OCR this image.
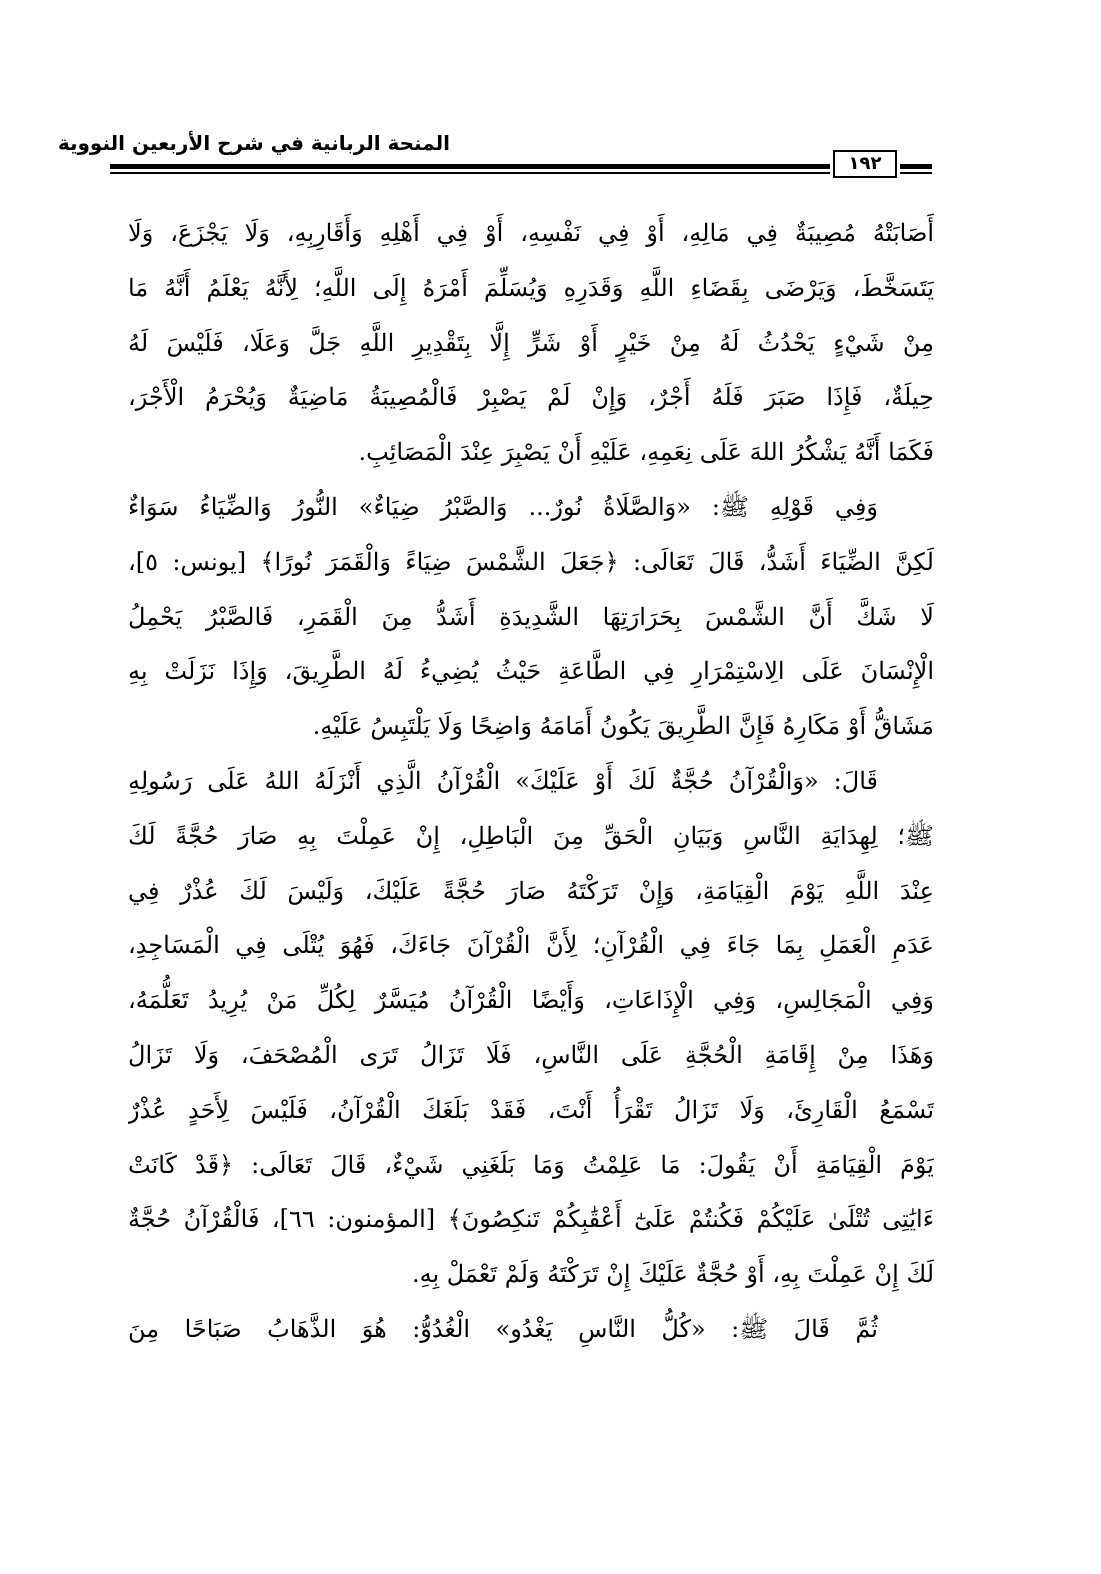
المنحة الربانية في شرح الأربعين النووية
١٩٢
أَصَابَتْهُ مُصِيبَةٌ فِي مَالِهِ، أَوْ فِي نَفْسِهِ، أَوْ فِي أَهْلِهِ وَأَقَارِبِهِ، وَلَا يَجْزَعَ، وَلَا
يَتَسَخَّطَ، وَيَرْضَى بِقَضَاءِ اللَّهِ وَقَدَرِهِ وَيُسَلِّمَ أَمْرَهُ إِلَى اللَّهِ؛ لِأَنَّهُ يَعْلَمُ أَنَّهُ مَا
مِنْ شَيْءٍ يَحْدُثُ لَهُ مِنْ خَيْرٍ أَوْ شَرٍّ إِلَّا بِتَقْدِيرِ اللَّهِ جَلَّ وَعَلَا، فَلَيْسَ لَهُ
حِيلَةٌ، فَإِذَا صَبَرَ فَلَهُ أَجْرٌ، وَإِنْ لَمْ يَصْبِرْ فَالْمُصِيبَةُ مَاضِيَةٌ وَيُحْرَمُ الْأَجْرَ،
فَكَمَا أَنَّهُ يَشْكُرُ اللهَ عَلَى نِعَمِهِ، عَلَيْهِ أَنْ يَصْبِرَ عِنْدَ الْمَصَائِبِ.
وَفِي قَوْلِهِ ﷺ: «وَالصَّلَاةُ نُورٌ... وَالصَّبْرُ ضِيَاءٌ» النُّورُ وَالضِّيَاءُ سَوَاءٌ
لَكِنَّ الضِّيَاءَ أَشَدُّ، قَالَ تَعَالَى: ﴿جَعَلَ الشَّمْسَ ضِيَاءً وَالْقَمَرَ نُورًا﴾ [يونس: ٥]،
لَا شَكَّ أَنَّ الشَّمْسَ بِحَرَارَتِهَا الشَّدِيدَةِ أَشَدُّ مِنَ الْقَمَرِ، فَالصَّبْرُ يَحْمِلُ
الْإِنْسَانَ عَلَى الِاسْتِمْرَارِ فِي الطَّاعَةِ حَيْثُ يُضِيءُ لَهُ الطَّرِيقَ، وَإِذَا نَزَلَتْ بِهِ
مَشَاقُّ أَوْ مَكَارِهُ فَإِنَّ الطَّرِيقَ يَكُونُ أَمَامَهُ وَاضِحًا وَلَا يَلْتَبِسُ عَلَيْهِ.
قَالَ: «وَالْقُرْآنُ حُجَّةٌ لَكَ أَوْ عَلَيْكَ» الْقُرْآنُ الَّذِي أَنْزَلَهُ اللهُ عَلَى رَسُولِهِ
ﷺ؛ لِهِدَايَةِ النَّاسِ وَبَيَانِ الْحَقِّ مِنَ الْبَاطِلِ، إِنْ عَمِلْتَ بِهِ صَارَ حُجَّةً لَكَ
عِنْدَ اللَّهِ يَوْمَ الْقِيَامَةِ، وَإِنْ تَرَكْتَهُ صَارَ حُجَّةً عَلَيْكَ، وَلَيْسَ لَكَ عُذْرٌ فِي
عَدَمِ الْعَمَلِ بِمَا جَاءَ فِي الْقُرْآنِ؛ لِأَنَّ الْقُرْآنَ جَاءَكَ، فَهُوَ يُتْلَى فِي الْمَسَاجِدِ،
وَفِي الْمَجَالِسِ، وَفِي الْإِذَاعَاتِ، وَأَيْضًا الْقُرْآنُ مُيَسَّرٌ لِكُلِّ مَنْ يُرِيدُ تَعَلُّمَهُ،
وَهَذَا مِنْ إِقَامَةِ الْحُجَّةِ عَلَى النَّاسِ، فَلَا تَزَالُ تَرَى الْمُصْحَفَ، وَلَا تَزَالُ
تَسْمَعُ الْقَارِئَ، وَلَا تَزَالُ تَقْرَأُ أَنْتَ، فَقَدْ بَلَغَكَ الْقُرْآنُ، فَلَيْسَ لِأَحَدٍ عُذْرٌ
يَوْمَ الْقِيَامَةِ أَنْ يَقُولَ: مَا عَلِمْتُ وَمَا بَلَغَنِي شَيْءٌ، قَالَ تَعَالَى: ﴿قَدْ كَانَتْ
ءَايَٰتِى تُتْلَىٰ عَلَيْكُمْ فَكُنتُمْ عَلَىٰٓ أَعْقَٰبِكُمْ تَنكِصُونَ﴾ [المؤمنون: ٦٦]، فَالْقُرْآنُ حُجَّةٌ
لَكَ إِنْ عَمِلْتَ بِهِ، أَوْ حُجَّةٌ عَلَيْكَ إِنْ تَرَكْتَهُ وَلَمْ تَعْمَلْ بِهِ.
ثُمَّ قَالَ ﷺ: «كُلُّ النَّاسِ يَغْدُو» الْغُدُوُّ: هُوَ الذَّهَابُ صَبَاحًا مِنَ
